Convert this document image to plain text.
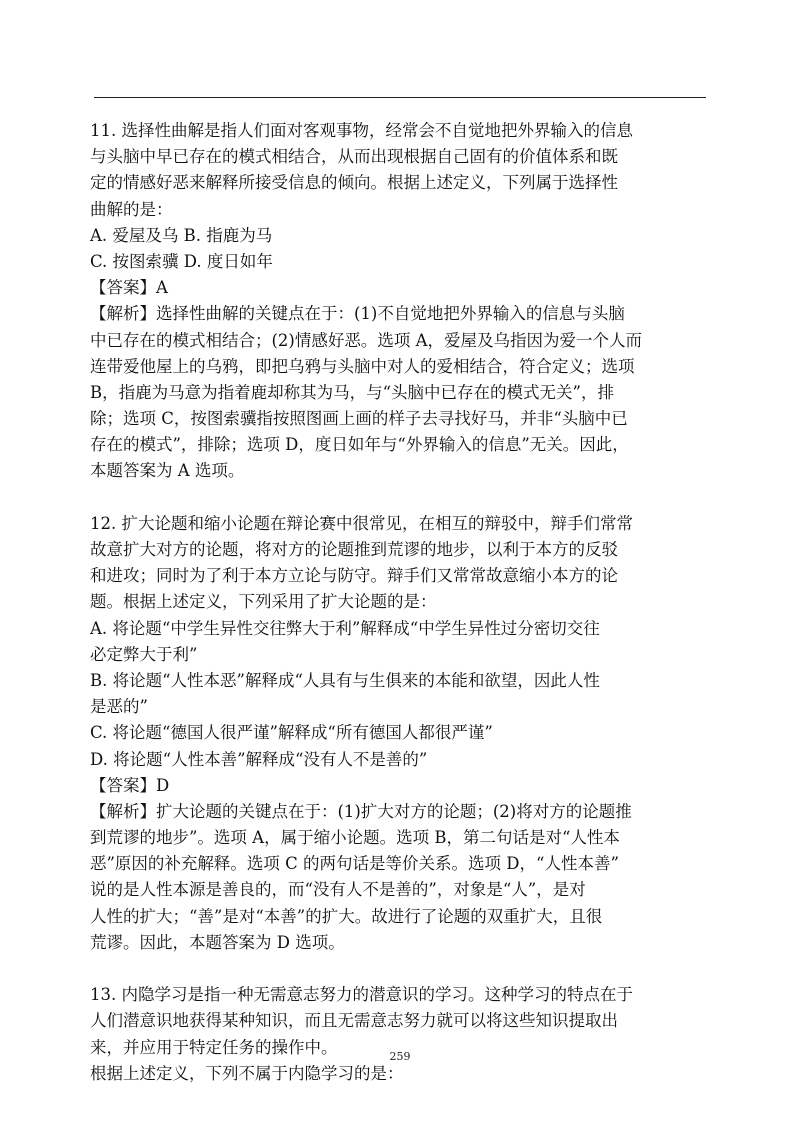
11. 选择性曲解是指人们面对客观事物，经常会不自觉地把外界输入的信息
与头脑中早已存在的模式相结合，从而出现根据自己固有的价值体系和既
定的情感好恶来解释所接受信息的倾向。根据上述定义，下列属于选择性
曲解的是：
A. 爱屋及乌 B. 指鹿为马
C. 按图索骥 D. 度日如年
【答案】A
【解析】选择性曲解的关键点在于：(1)不自觉地把外界输入的信息与头脑
中已存在的模式相结合；(2)情感好恶。选项 A，爱屋及乌指因为爱一个人而
连带爱他屋上的乌鸦，即把乌鸦与头脑中对人的爱相结合，符合定义；选项
B，指鹿为马意为指着鹿却称其为马，与“头脑中已存在的模式无关”，排
除；选项 C，按图索骥指按照图画上画的样子去寻找好马，并非“头脑中已
存在的模式”，排除；选项 D，度日如年与“外界输入的信息”无关。因此，
本题答案为 A 选项。
12. 扩大论题和缩小论题在辩论赛中很常见，在相互的辩驳中，辩手们常常
故意扩大对方的论题，将对方的论题推到荒谬的地步，以利于本方的反驳
和进攻；同时为了利于本方立论与防守。辩手们又常常故意缩小本方的论
题。根据上述定义，下列采用了扩大论题的是：
A. 将论题“中学生异性交往弊大于利”解释成“中学生异性过分密切交往
必定弊大于利”
B. 将论题“人性本恶”解释成“人具有与生俱来的本能和欲望，因此人性
是恶的”
C. 将论题“德国人很严谨”解释成“所有德国人都很严谨”
D. 将论题“人性本善”解释成“没有人不是善的”
【答案】D
【解析】扩大论题的关键点在于：(1)扩大对方的论题；(2)将对方的论题推
到荒谬的地步”。选项 A，属于缩小论题。选项 B，第二句话是对“人性本
恶”原因的补充解释。选项 C 的两句话是等价关系。选项 D，“人性本善”
说的是人性本源是善良的，而“没有人不是善的”，对象是“人”，是对
人性的扩大；“善”是对“本善”的扩大。故进行了论题的双重扩大，且很
荒谬。因此，本题答案为 D 选项。
13. 内隐学习是指一种无需意志努力的潜意识的学习。这种学习的特点在于
人们潜意识地获得某种知识，而且无需意志努力就可以将这些知识提取出
来，并应用于特定任务的操作中。
根据上述定义，下列不属于内隐学习的是：
259
